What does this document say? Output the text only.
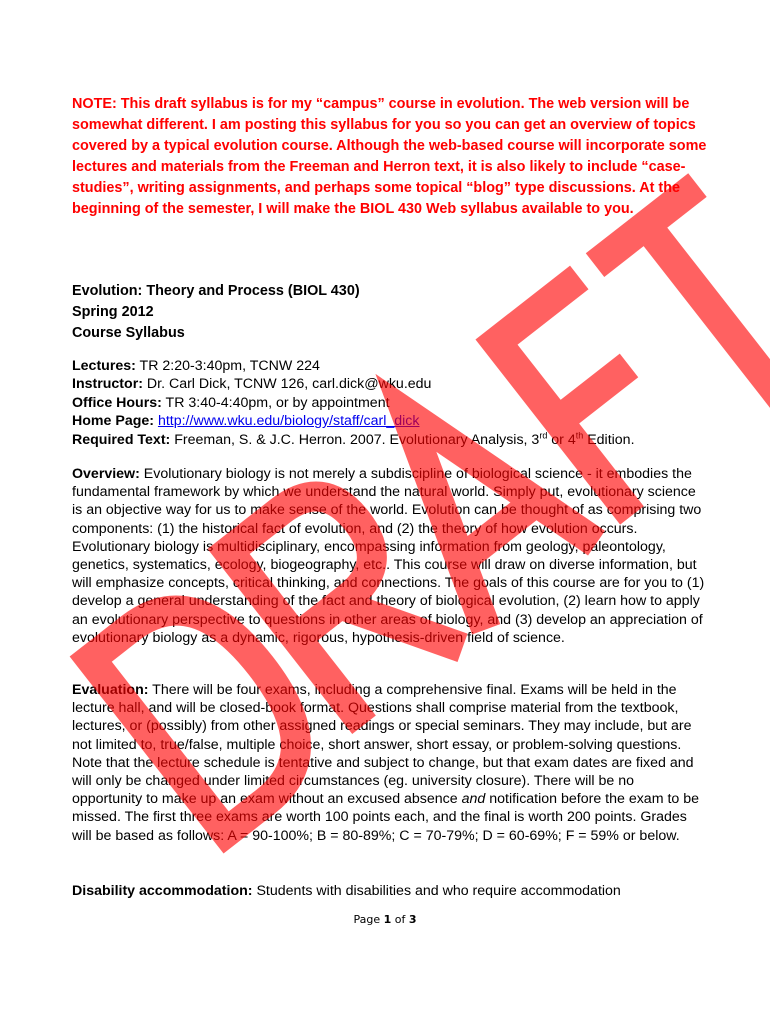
NOTE: This draft syllabus is for my “campus” course in evolution. The web version will be somewhat different. I am posting this syllabus for you so you can get an overview of topics covered by a typical evolution course. Although the web-based course will incorporate some lectures and materials from the Freeman and Herron text, it is also likely to include “case-studies”, writing assignments, and perhaps some topical “blog” type discussions. At the beginning of the semester, I will make the BIOL 430 Web syllabus available to you.
Evolution: Theory and Process (BIOL 430)
Spring 2012
Course Syllabus
Lectures: TR 2:20-3:40pm, TCNW 224
Instructor: Dr. Carl Dick, TCNW 126, carl.dick@wku.edu
Office Hours: TR 3:40-4:40pm, or by appointment
Home Page: http://www.wku.edu/biology/staff/carl_dick
Required Text: Freeman, S. & J.C. Herron. 2007. Evolutionary Analysis, 3rd or 4th Edition.
Overview: Evolutionary biology is not merely a subdiscipline of biological science - it embodies the fundamental framework by which we understand the natural world. Simply put, evolutionary science is an objective way for us to make sense of the world. Evolution can be thought of as comprising two components: (1) the historical fact of evolution, and (2) the theory of how evolution occurs. Evolutionary biology is multidisciplinary, encompassing information from geology, paleontology, genetics, systematics, ecology, biogeography, etc.. This course will draw on diverse information, but will emphasize concepts, critical thinking, and connections. The goals of this course are for you to (1) develop a general understanding of the fact and theory of biological evolution, (2) learn how to apply an evolutionary perspective to questions in other areas of biology, and (3) develop an appreciation of evolutionary biology as a dynamic, rigorous, hypothesis-driven field of science.
Evaluation: There will be four exams, including a comprehensive final. Exams will be held in the lecture hall, and will be closed-book format. Questions shall comprise material from the textbook, lectures, or (possibly) from other assigned readings or special seminars. They may include, but are not limited to, true/false, multiple choice, short answer, short essay, or problem-solving questions. Note that the lecture schedule is tentative and subject to change, but that exam dates are fixed and will only be changed under limited circumstances (eg. university closure). There will be no opportunity to make up an exam without an excused absence and notification before the exam to be missed. The first three exams are worth 100 points each, and the final is worth 200 points. Grades will be based as follows: A = 90-100%; B = 80-89%; C = 70-79%; D = 60-69%; F = 59% or below.
Disability accommodation: Students with disabilities and who require accommodation
Page 1 of 3
